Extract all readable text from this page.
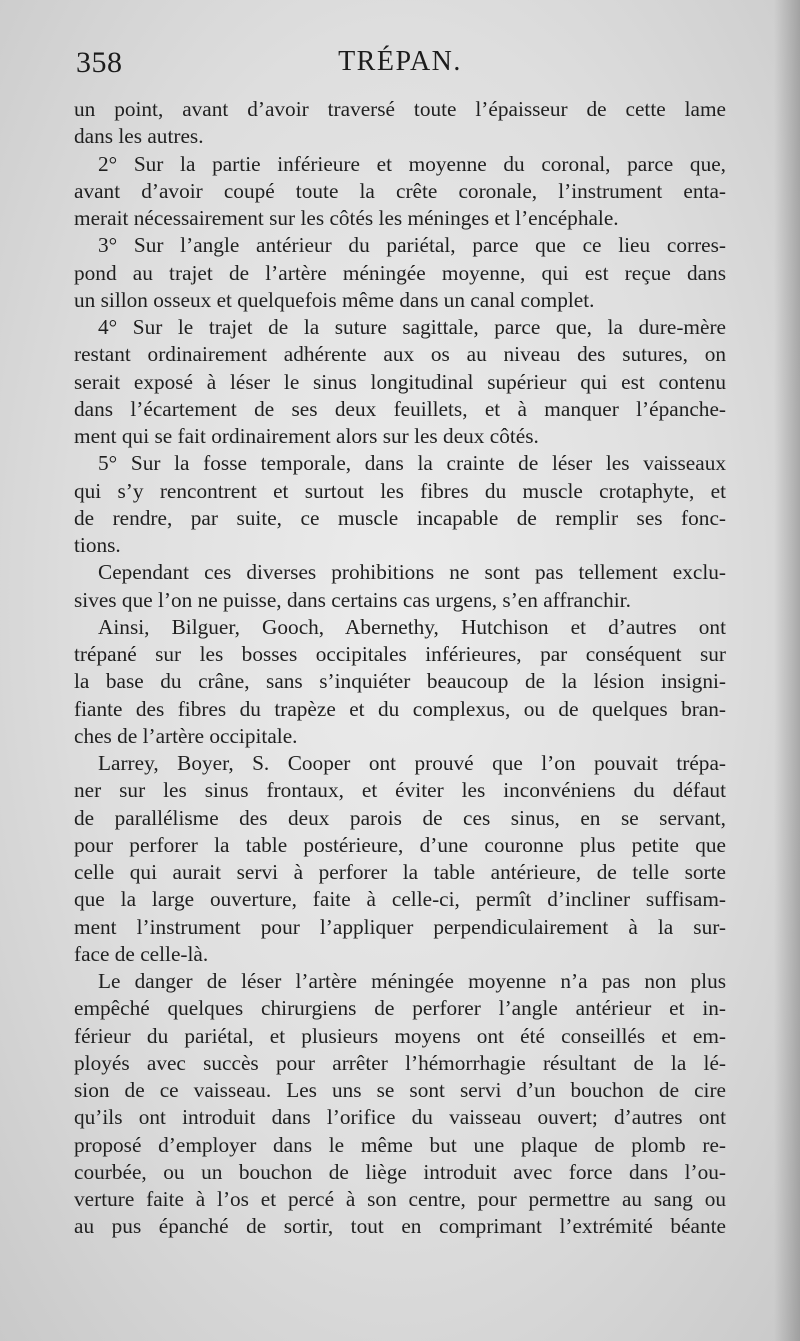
358	TRÉPAN.
un point, avant d’avoir traversé toute l’épaisseur de cette lame
dans les autres.
2° Sur la partie inférieure et moyenne du coronal, parce que,
avant d’avoir coupé toute la crête coronale, l’instrument enta-
merait nécessairement sur les côtés les méninges et l’encéphale.
3° Sur l’angle antérieur du pariétal, parce que ce lieu corres-
pond au trajet de l’artère méningée moyenne, qui est reçue dans
un sillon osseux et quelquefois même dans un canal complet.
4° Sur le trajet de la suture sagittale, parce que, la dure-mère
restant ordinairement adhérente aux os au niveau des sutures, on
serait exposé à léser le sinus longitudinal supérieur qui est contenu
dans l’écartement de ses deux feuillets, et à manquer l’épanche-
ment qui se fait ordinairement alors sur les deux côtés.
5° Sur la fosse temporale, dans la crainte de léser les vaisseaux
qui s’y rencontrent et surtout les fibres du muscle crotaphyte, et
de rendre, par suite, ce muscle incapable de remplir ses fonc-
tions.
Cependant ces diverses prohibitions ne sont pas tellement exclu-
sives que l’on ne puisse, dans certains cas urgens, s’en affranchir.
Ainsi, Bilguer, Gooch, Abernethy, Hutchison et d’autres ont
trépané sur les bosses occipitales inférieures, par conséquent sur
la base du crâne, sans s’inquiéter beaucoup de la lésion insigni-
fiante des fibres du trapèze et du complexus, ou de quelques bran-
ches de l’artère occipitale.
Larrey, Boyer, S. Cooper ont prouvé que l’on pouvait trépa-
ner sur les sinus frontaux, et éviter les inconvéniens du défaut
de parallélisme des deux parois de ces sinus, en se servant,
pour perforer la table postérieure, d’une couronne plus petite que
celle qui aurait servi à perforer la table antérieure, de telle sorte
que la large ouverture, faite à celle-ci, permît d’incliner suffisam-
ment l’instrument pour l’appliquer perpendiculairement à la sur-
face de celle-là.
Le danger de léser l’artère méningée moyenne n’a pas non plus
empêché quelques chirurgiens de perforer l’angle antérieur et in-
férieur du pariétal, et plusieurs moyens ont été conseillés et em-
ployés avec succès pour arrêter l’hémorrhagie résultant de la lé-
sion de ce vaisseau. Les uns se sont servi d’un bouchon de cire
qu’ils ont introduit dans l’orifice du vaisseau ouvert; d’autres ont
proposé d’employer dans le même but une plaque de plomb re-
courbée, ou un bouchon de liège introduit avec force dans l’ou-
verture faite à l’os et percé à son centre, pour permettre au sang ou
au pus épanché de sortir, tout en comprimant l’extrémité béante
